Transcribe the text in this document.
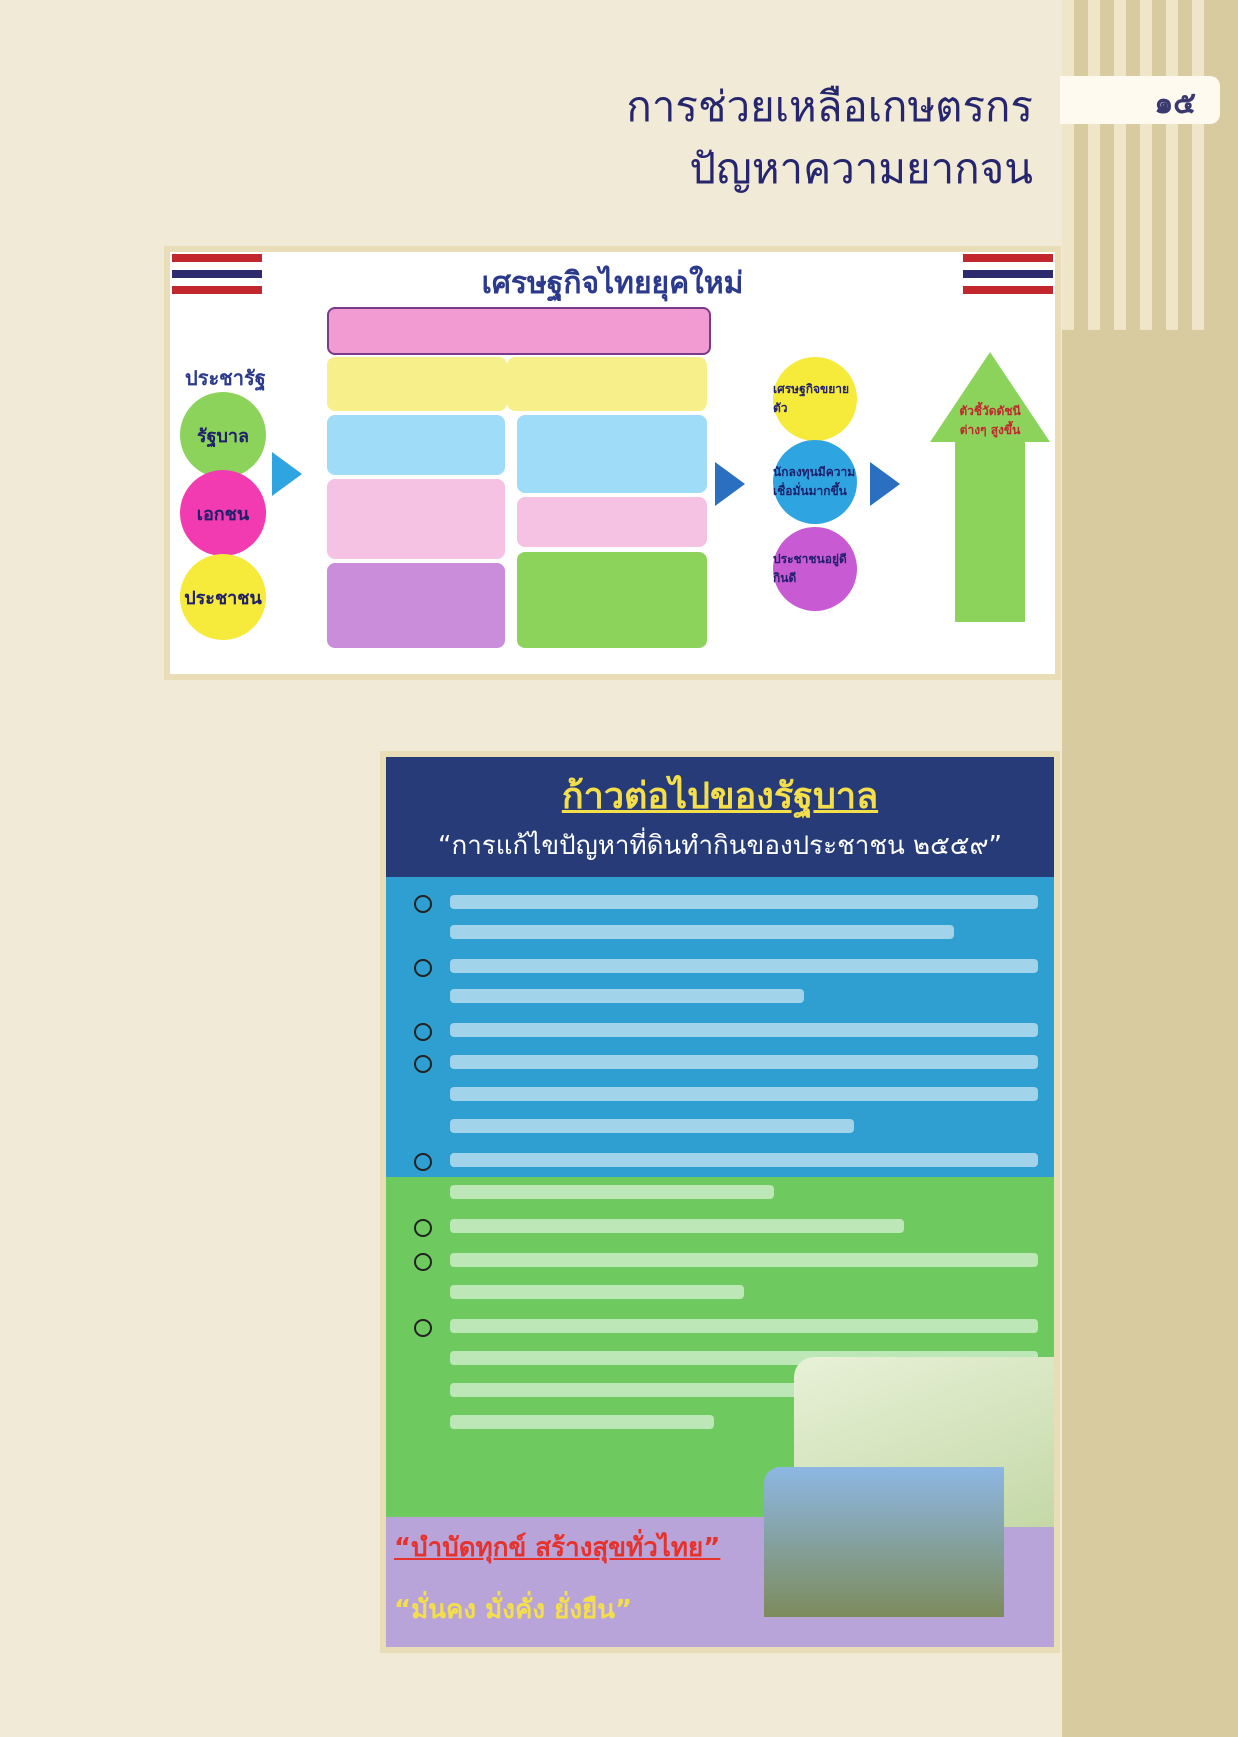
๑๕
การช่วยเหลือเกษตรกร
ปัญหาความยากจน
เศรษฐกิจไทยยุคใหม่
ประชารัฐ
รัฐบาล
เอกชน
ประชาชน
เศรษฐกิจขยายตัว
นักลงทุนมีความเชื่อมั่นมากขึ้น
ประชาชนอยู่ดีกินดี
ตัวชี้วัดดัชนีต่างๆ สูงขึ้น
ก้าวต่อไปของรัฐบาล
“การแก้ไขปัญหาที่ดินทำกินของประชาชน ๒๕๕๙”
“บำบัดทุกข์ สร้างสุขทั่วไทย”
“มั่นคง มั่งคั่ง ยั่งยืน”
